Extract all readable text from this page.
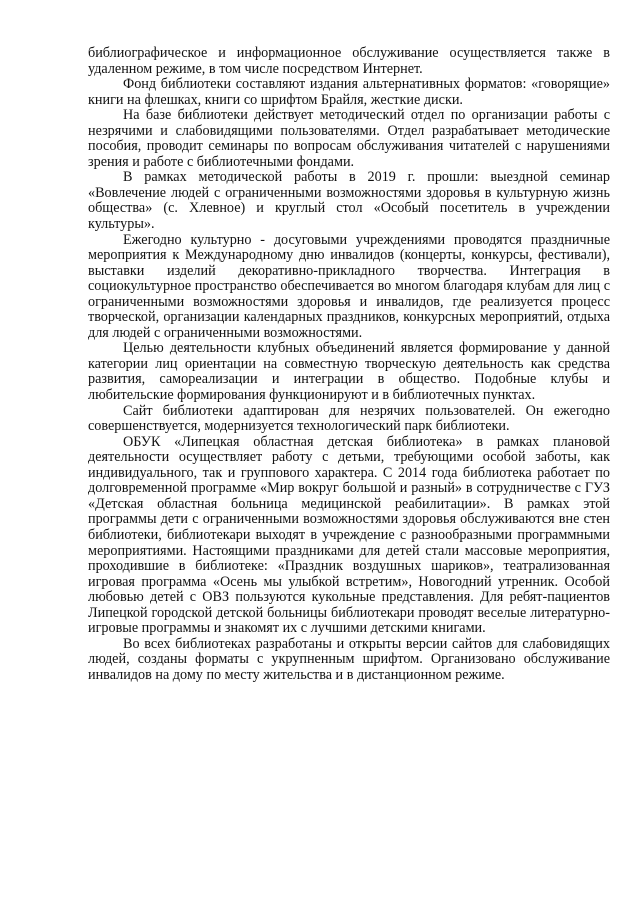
библиографическое и информационное обслуживание осуществляется также в удаленном режиме, в том числе посредством Интернет.

Фонд библиотеки составляют издания альтернативных форматов: «говорящие» книги на флешках, книги со шрифтом Брайля, жесткие диски.

На базе библиотеки действует методический отдел по организации работы с незрячими и слабовидящими пользователями. Отдел разрабатывает методические пособия, проводит семинары по вопросам обслуживания читателей с нарушениями зрения и работе с библиотечными фондами.

В рамках методической работы в 2019 г. прошли: выездной семинар «Вовлечение людей с ограниченными возможностями здоровья в культурную жизнь общества» (с. Хлевное) и круглый стол «Особый посетитель в учреждении культуры».

Ежегодно культурно - досуговыми учреждениями проводятся праздничные мероприятия к Международному дню инвалидов (концерты, конкурсы, фестивали), выставки изделий декоративно-прикладного творчества. Интеграция в социокультурное пространство обеспечивается во многом благодаря клубам для лиц с ограниченными возможностями здоровья и инвалидов, где реализуется процесс творческой, организации календарных праздников, конкурсных мероприятий, отдыха для людей с ограниченными возможностями.

Целью деятельности клубных объединений является формирование у данной категории лиц ориентации на совместную творческую деятельность как средства развития, самореализации и интеграции в общество. Подобные клубы и любительские формирования функционируют и в библиотечных пунктах.

Сайт библиотеки адаптирован для незрячих пользователей. Он ежегодно совершенствуется, модернизуется технологический парк библиотеки.

ОБУК «Липецкая областная детская библиотека» в рамках плановой деятельности осуществляет работу с детьми, требующими особой заботы, как индивидуального, так и группового характера. С 2014 года библиотека работает по долговременной программе «Мир вокруг большой и разный» в сотрудничестве с ГУЗ «Детская областная больница медицинской реабилитации». В рамках этой программы дети с ограниченными возможностями здоровья обслуживаются вне стен библиотеки, библиотекари выходят в учреждение с разнообразными программными мероприятиями. Настоящими праздниками для детей стали массовые мероприятия, проходившие в библиотеке: «Праздник воздушных шариков», театрализованная игровая программа «Осень мы улыбкой встретим», Новогодний утренник. Особой любовью детей с ОВЗ пользуются кукольные представления. Для ребят-пациентов Липецкой городской детской больницы библиотекари проводят веселые литературно-игровые программы и знакомят их с лучшими детскими книгами.

Во всех библиотеках разработаны и открыты версии сайтов для слабовидящих людей, созданы форматы с укрупненным шрифтом. Организовано обслуживание инвалидов на дому по месту жительства и в дистанционном режиме.
